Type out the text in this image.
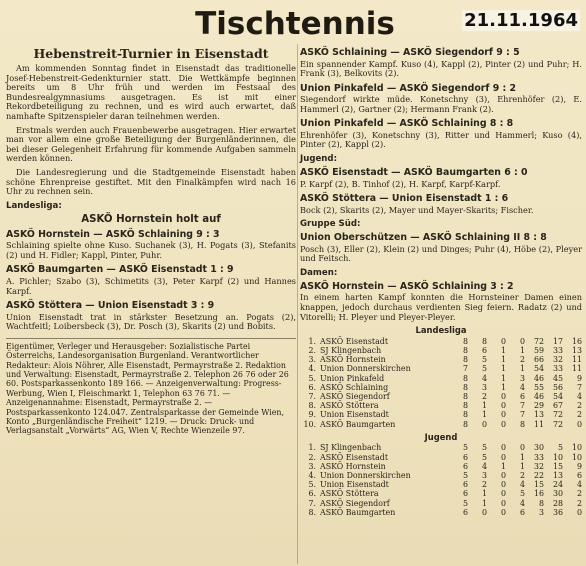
Tischtennis	21.11.1964
Hebenstreit-Turnier in Eisenstadt

Am kommenden Sonntag findet in Eisenstadt das traditionelle Josef-Hebenstreit-Gedenkturnier statt. Die Wettkämpfe beginnen bereits um 8 Uhr früh und werden im Festsaal des Bundesrealgymnasiums ausgetragen. Es ist mit einer Rekordbeteiligung zu rechnen, und es wird auch erwartet, daß namhafte Spitzenspieler daran teilnehmen werden.

Erstmals werden auch Frauenbewerbe ausgetragen. Hier erwartet man vor allem eine große Beteiligung der Burgenländerinnen, die bei dieser Gelegenheit Erfahrung für kommende Aufgaben sammeln werden können.

Die Landesregierung und die Stadtgemeinde Eisenstadt haben schöne Ehrenpreise gestiftet. Mit den Finalkämpfen wird nach 16 Uhr zu rechnen sein.

Landesliga:
ASKÖ Hornstein holt auf
ASKÖ Hornstein — ASKÖ Schlaining 9 : 3

Schlaining spielte ohne Kuso. Suchanek (3), H. Pogats (3), Stefanits (2) und H. Fidler; Kappl, Pinter, Puhr.

ASKÖ Baumgarten — ASKÖ Eisenstadt 1 : 9

A. Pichler; Szabo (3), Schimetits (3), Peter Karpf (2) und Hannes Karpf.

ASKÖ Stöttera — Union Eisenstadt 3 : 9

Union Eisenstadt trat in stärkster Besetzung an. Pogats (2), Wachtfeitl; Loibersbeck (3), Dr. Posch (3), Skarits (2) und Bobits.

Eigentümer, Verleger und Herausgeber: Sozialistische Partei Österreichs, Landesorganisation Burgenland. Verantwortlicher Redakteur: Alois Nöhrer, Alle Eisenstadt, Permayrstraße 2. Redaktion und Verwaltung: Eisenstadt, Permayrstraße 2. Telephon 26 76 oder 26 60. Postsparkassenkonto 189 166. — Anzeigenverwaltung: Progress-Werbung, Wien I, Fleischmarkt 1, Telephon 63 76 71. — Anzeigenannahme: Eisenstadt, Permayrstraße 2. — Postsparkassenkonto 124.047. Zentralsparkasse der Gemeinde Wien, Konto „Burgenländische Freiheit“ 1219. — Druck: Druck- und Verlagsanstalt „Vorwärts“ AG, Wien V, Rechte Wienzeile 97.
ASKÖ Schlaining — ASKÖ Siegendorf 9 : 5

Ein spannender Kampf. Kuso (4), Kappl (2), Pinter (2) und Puhr; H. Frank (3), Belkovits (2).

Union Pinkafeld — ASKÖ Siegendorf 9 : 2

Siegendorf wirkte müde. Konetschny (3), Ehrenhöfer (2), E. Hammerl (2), Gartner (2); Hermann Frank (2).

Union Pinkafeld — ASKÖ Schlaining 8 : 8

Ehrenhöfer (3), Konetschny (3), Ritter und Hammerl; Kuso (4), Pinter (2), Kappl (2).

Jugend:
ASKÖ Eisenstadt — ASKÖ Baumgarten 6 : 0

P. Karpf (2), B. Tinhof (2), H. Karpf, Karpf-Karpf.

ASKÖ Stöttera — Union Eisenstadt 1 : 6

Bock (2), Skarits (2), Mayer und Mayer-Skarits; Fischer.

Gruppe Süd:
Union Oberschützen — ASKÖ Schlaining II 8 : 8

Posch (3), Eller (2), Klein (2) und Dinges; Puhr (4), Höbe (2), Pleyer und Feitsch.

Damen:
ASKÖ Hornstein — ASKÖ Schlaining 3 : 2

In einem harten Kampf konnten die Hornsteiner Damen einen knappen, jedoch durchaus verdienten Sieg feiern. Radatz (2) und Vitorelli; H. Pleyer und Pleyer-Pleyer.

Landesliga
1.	ASKÖ Eisenstadt	8	8	0	0	72	17	16
2.	SJ Klingenbach	8	6	1	1	59	33	13
3.	ASKÖ Hornstein	8	5	1	2	66	32	11
4.	Union Donnerskirchen	7	5	1	1	54	33	11
5.	Union Pinkafeld	8	4	1	3	46	45	9
6.	ASKÖ Schlaining	8	3	1	4	55	56	7
7.	ASKÖ Siegendorf	8	2	0	6	46	54	4
8.	ASKÖ Stöttera	8	1	0	7	29	67	2
9.	Union Eisenstadt	8	1	0	7	13	72	2
10.	ASKÖ Baumgarten	8	0	0	8	11	72	0
Jugend
1.	SJ Klingenbach	5	5	0	0	30	5	10
2.	ASKÖ Eisenstadt	6	5	0	1	33	10	10
3.	ASKÖ Hornstein	6	4	1	1	32	15	9
4.	Union Donnerskirchen	5	3	0	2	22	13	6
5.	Union Eisenstadt	6	2	0	4	15	24	4
6.	ASKÖ Stöttera	6	1	0	5	16	30	2
7.	ASKÖ Siegendorf	5	1	0	4	8	28	2
8.	ASKÖ Baumgarten	6	0	0	6	3	36	0
